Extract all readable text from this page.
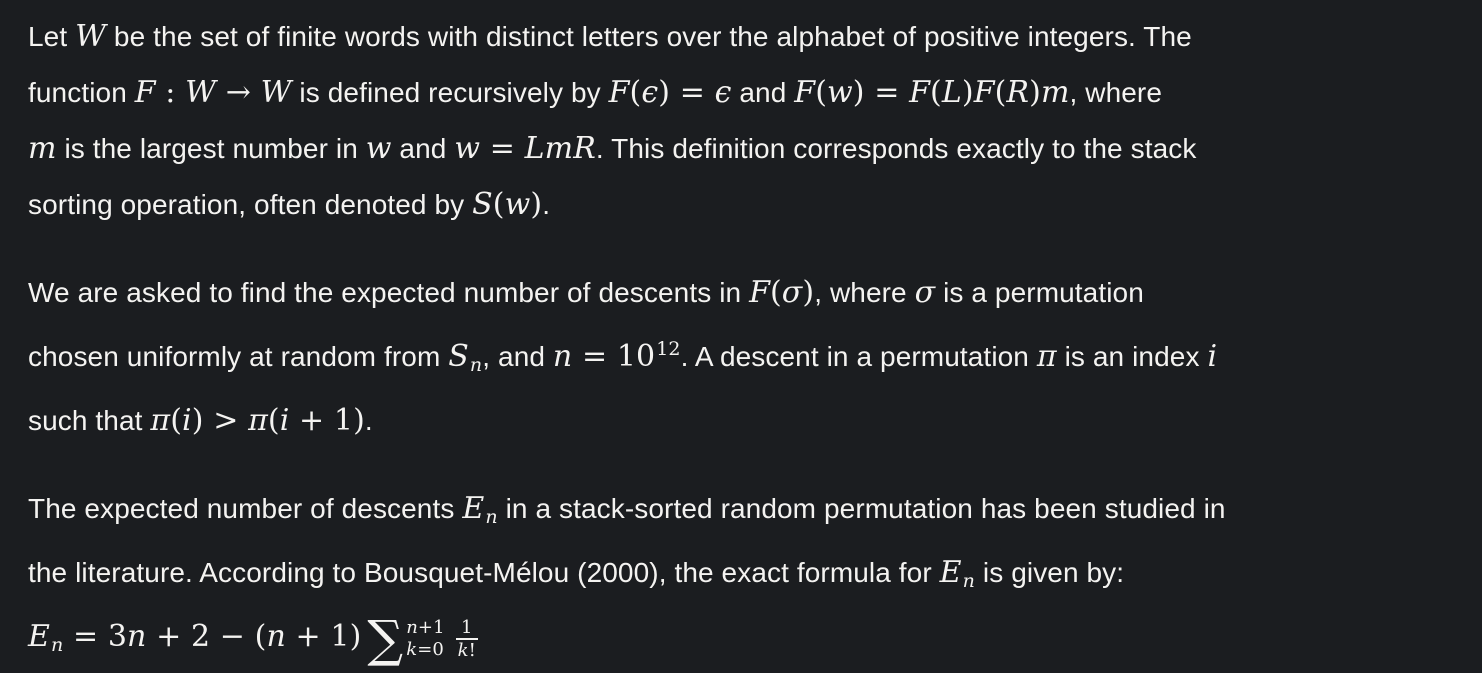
Let W be the set of finite words with distinct letters over the alphabet of positive integers. The
function F : W → W is defined recursively by F(ϵ) = ϵ and F(w) = F(L)F(R)m, where
m is the largest number in w and w = LmR. This definition corresponds exactly to the stack
sorting operation, often denoted by S(w).

We are asked to find the expected number of descents in F(σ), where σ is a permutation
chosen uniformly at random from Sn, and $n = 10^{12}$. A descent in a permutation π is an index i
such that π(i) > π(i + 1).

The expected number of descents En in a stack-sorted random permutation has been studied in
the literature. According to Bousquet-Mélou (2000), the exact formula for En is given by:
En = 3n + 2 − (n + 1) ∑ n+1
$k=0 \frac{1}{k!}$
